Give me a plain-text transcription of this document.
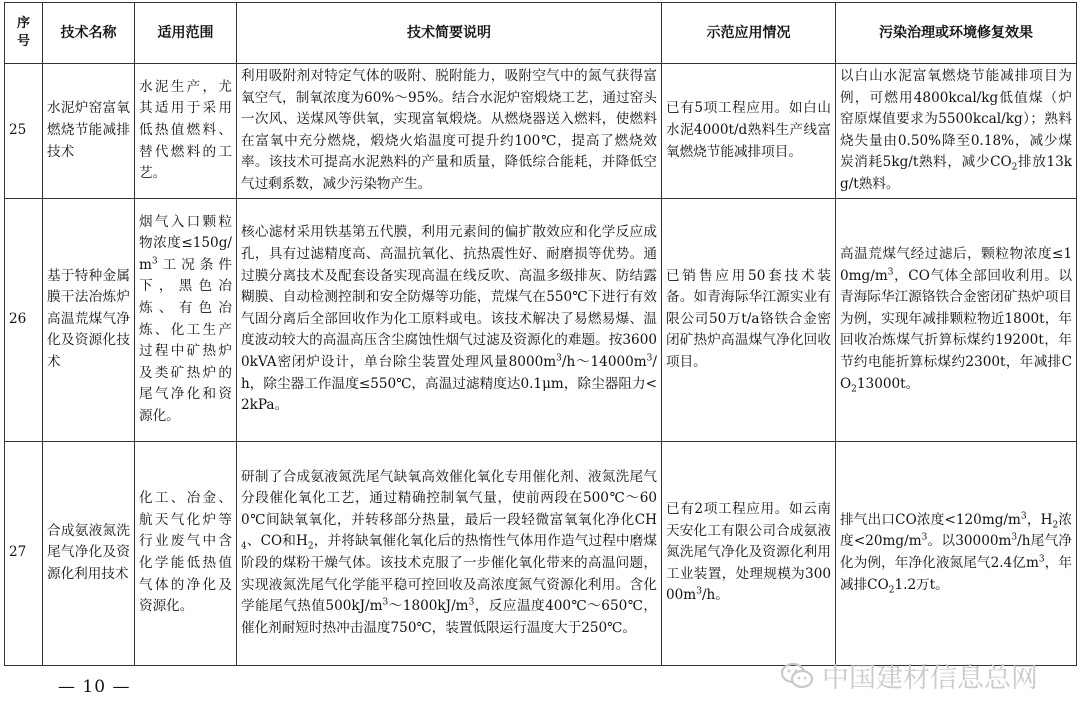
序号	技术名称	适用范围	技术简要说明	示范应用情况	污染治理或环境修复效果
25	水泥炉窑富氧燃烧节能减排技术	水泥生产，尤其适用于采用低热值燃料、替代燃料的工艺。	利用吸附剂对特定气体的吸附、脱附能力，吸附空气中的氮气获得富氧空气，制氧浓度为60%～95%。结合水泥炉窑煅烧工艺，通过窑头一次风、送煤风等供氧，实现富氧煅烧。从燃烧器送入燃料，使燃料在富氧中充分燃烧，煅烧火焰温度可提升约100℃，提高了燃烧效率。该技术可提高水泥熟料的产量和质量，降低综合能耗，并降低空气过剩系数，减少污染物产生。	已有5项工程应用。如白山水泥4000t/d熟料生产线富氧燃烧节能减排项目。	以白山水泥富氧燃烧节能减排项目为例，可燃用4800kcal/kg低值煤（炉窑原煤值要求为5500kcal/kg）；熟料烧失量由0.50%降至0.18%，减少煤炭消耗5kg/t熟料，减少$CO_2$排放13kg/t熟料。
26	基于特种金属膜干法冶炼炉高温荒煤气净化及资源化技术	烟气入口颗粒物浓度$\le 150g/m^3$工况条件下，黑色冶炼、有色冶炼、化工生产过程中矿热炉及类矿热炉的尾气净化和资源化。	核心滤材采用铁基第五代膜，利用元素间的偏扩散效应和化学反应成孔，具有过滤精度高、高温抗氧化、抗热震性好、耐磨损等优势。通过膜分离技术及配套设备实现高温在线反吹、高温多级排灰、防结露糊膜、自动检测控制和安全防爆等功能，荒煤气在550℃下进行有效气固分离后全部回收作为化工原料或电。该技术解决了易燃易爆、温度波动较大的高温高压含尘腐蚀性烟气过滤及资源化的难题。按36000kVA密闭炉设计，单台除尘装置处理风量$8000m^3/h\sim 14000m^3/h$，除尘器工作温度≤550℃，高温过滤精度达0.1μm，除尘器阻力<2kPa。	已销售应用50套技术装备。如青海际华江源实业有限公司50万t/a铬铁合金密闭矿热炉高温煤气净化回收项目。	高温荒煤气经过滤后，颗粒物浓度$\le 10mg/m^3$，CO气体全部回收利用。以青海际华江源铬铁合金密闭矿热炉项目为例，实现年减排颗粒物近1800t，年回收冶炼煤气折算标煤约19200t，年节约电能折算标煤约2300t，年减排$CO_213000t$。
27	合成氨液氮洗尾气净化及资源化利用技术	化工、冶金、航天气化炉等行业废气中含化学能低热值气体的净化及资源化。	研制了合成氨液氮洗尾气缺氧高效催化氧化专用催化剂、液氮洗尾气分段催化氧化工艺，通过精确控制氧气量，使前两段在500℃～600℃间缺氧氧化，并转移部分热量，最后一段轻微富氧氧化净化$CH_4$、CO和$H_2$，并将缺氧催化氧化后的热惰性气体用作造气过程中磨煤阶段的煤粉干燥气体。该技术克服了一步催化氧化带来的高温问题，实现液氮洗尾气化学能平稳可控回收及高浓度氮气资源化利用。含化学能尾气热值$500kJ/m^3\sim 1800kJ/m^3$，反应温度400℃～650℃，催化剂耐短时热冲击温度750℃，装置低限运行温度大于250℃。	已有2项工程应用。如云南天安化工有限公司合成氨液氮洗尾气净化及资源化利用工业装置，处理规模为$30000m^3/h$。	排气出口CO浓度$<120mg/m^3$，$H_2$浓度$<20mg/m^3$。以$30000m^3/h$尾气净化为例，年净化液氮尾气2.4亿$m^3$，年减排$CO_21.2$万t。
— 10 —	中国建材信息总网
